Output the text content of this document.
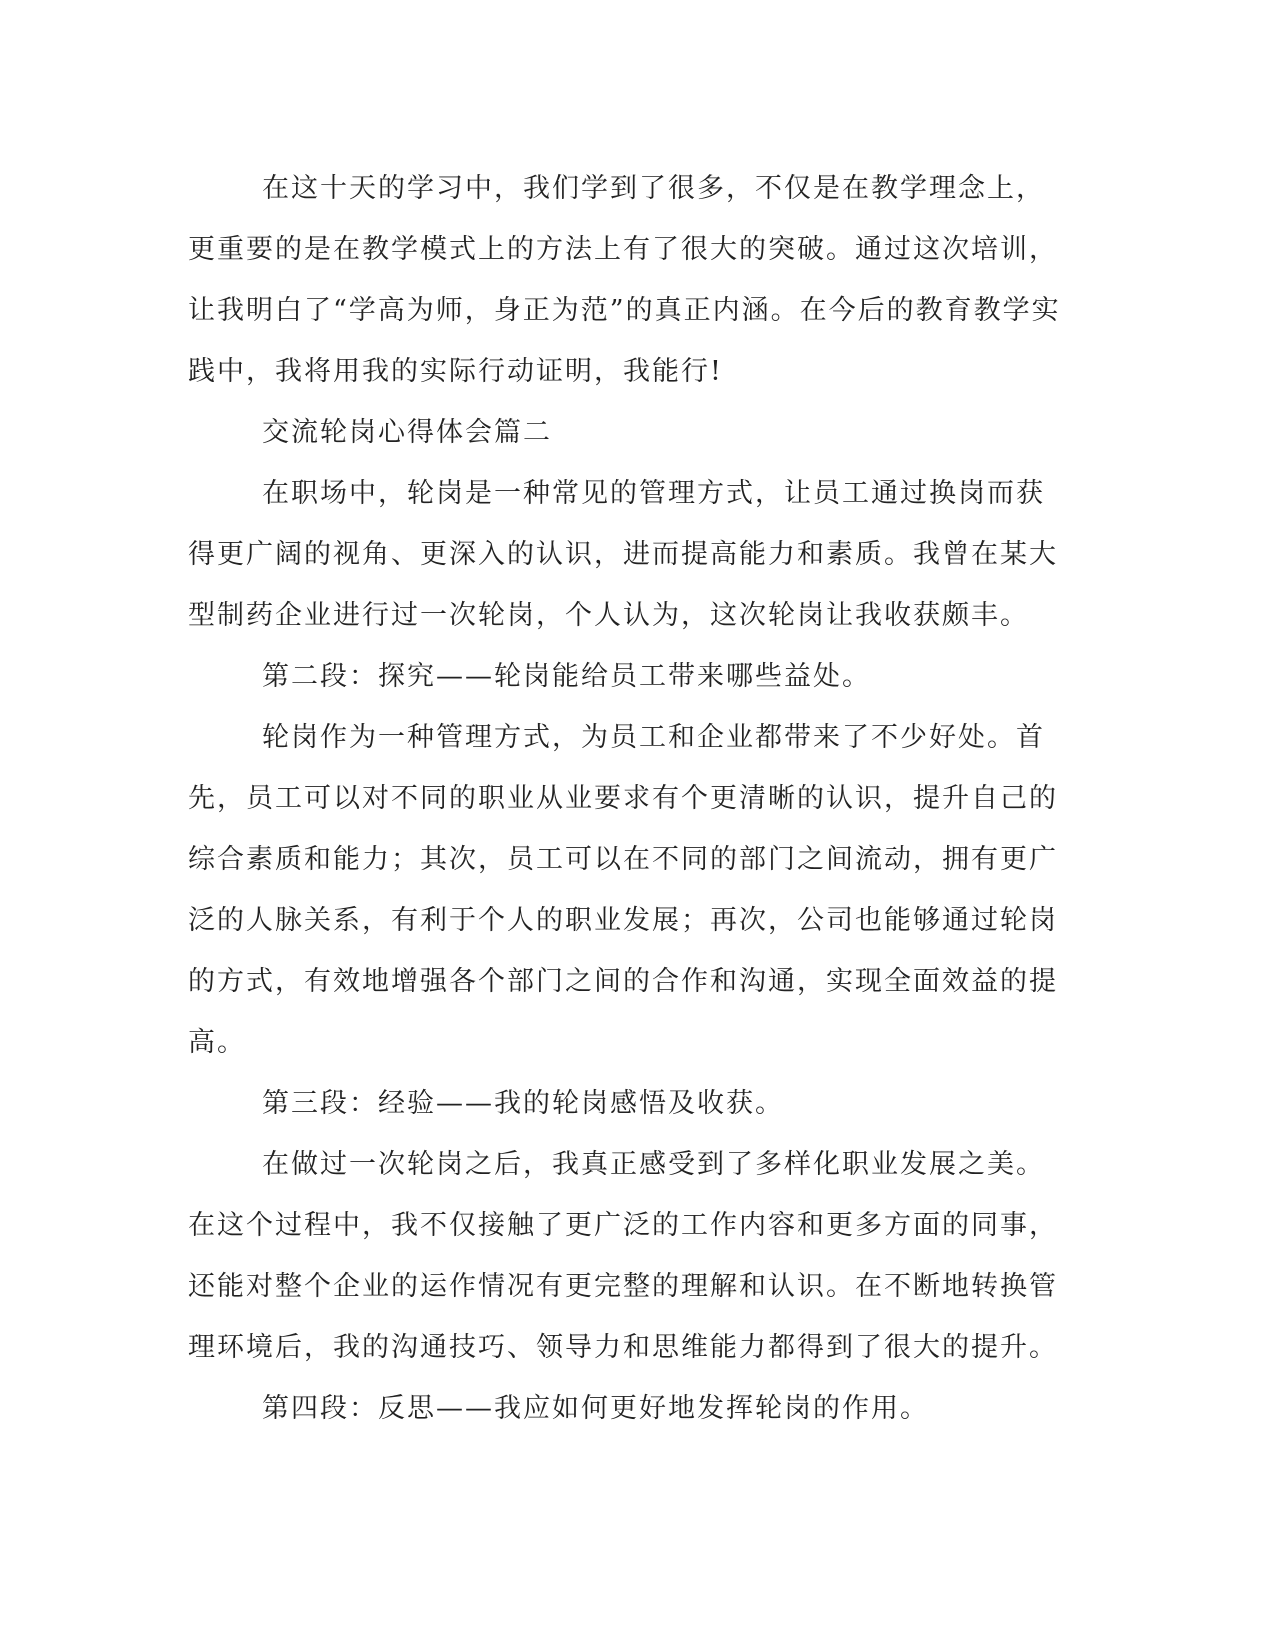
在这十天的学习中，我们学到了很多，不仅是在教学理念上，更重要的是在教学模式上的方法上有了很大的突破。通过这次培训，让我明白了“学高为师，身正为范”的真正内涵。在今后的教育教学实践中，我将用我的实际行动证明，我能行!

交流轮岗心得体会篇二

在职场中，轮岗是一种常见的管理方式，让员工通过换岗而获得更广阔的视角、更深入的认识，进而提高能力和素质。我曾在某大型制药企业进行过一次轮岗，个人认为，这次轮岗让我收获颇丰。

第二段：探究——轮岗能给员工带来哪些益处。

轮岗作为一种管理方式，为员工和企业都带来了不少好处。首先，员工可以对不同的职业从业要求有个更清晰的认识，提升自己的综合素质和能力；其次，员工可以在不同的部门之间流动，拥有更广泛的人脉关系，有利于个人的职业发展；再次，公司也能够通过轮岗的方式，有效地增强各个部门之间的合作和沟通，实现全面效益的提高。

第三段：经验——我的轮岗感悟及收获。

在做过一次轮岗之后，我真正感受到了多样化职业发展之美。在这个过程中，我不仅接触了更广泛的工作内容和更多方面的同事，还能对整个企业的运作情况有更完整的理解和认识。在不断地转换管理环境后，我的沟通技巧、领导力和思维能力都得到了很大的提升。

第四段：反思——我应如何更好地发挥轮岗的作用。
